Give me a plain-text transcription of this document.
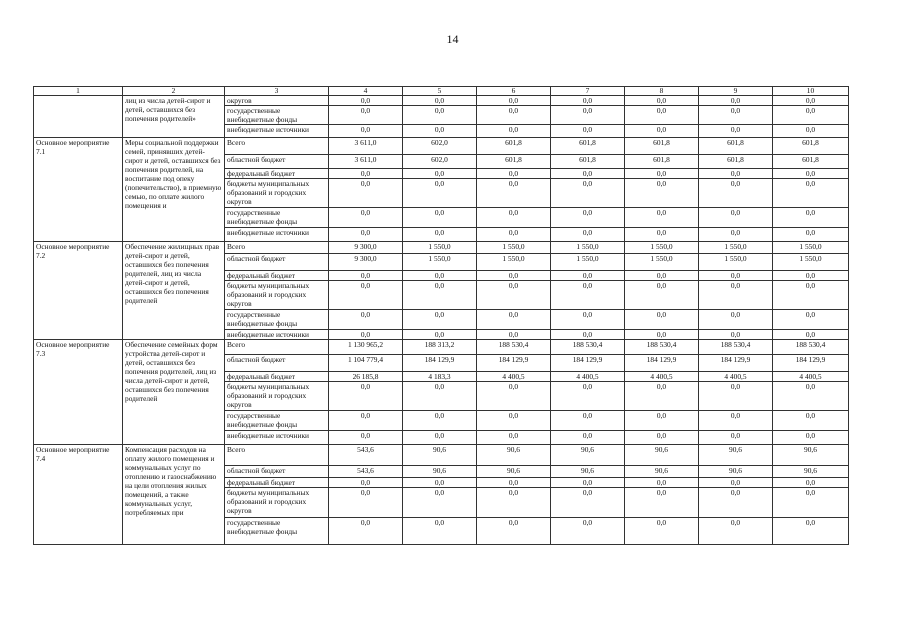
14
1	2	3	4	5	6	7	8	9	10
	лиц из числа детей-сирот и детей, оставшихся без попечения родителей»	округов	0,0	0,0	0,0	0,0	0,0	0,0	0,0
		государственные внебюджетные фонды	0,0	0,0	0,0	0,0	0,0	0,0	0,0
		внебюджетные источники	0,0	0,0	0,0	0,0	0,0	0,0	0,0
Основное мероприятие 7.1	Меры социальной поддержки семей, принявших детей-сирот и детей, оставшихся без попечения родителей, на воспитание под опеку (попечительство), в приемную семью, по оплате жилого помещения и	Всего	3 611,0	602,0	601,8	601,8	601,8	601,8	601,8
		областной бюджет	3 611,0	602,0	601,8	601,8	601,8	601,8	601,8
		федеральный бюджет	0,0	0,0	0,0	0,0	0,0	0,0	0,0
		бюджеты муниципальных образований и городских округов	0,0	0,0	0,0	0,0	0,0	0,0	0,0
		государственные внебюджетные фонды	0,0	0,0	0,0	0,0	0,0	0,0	0,0
		внебюджетные источники	0,0	0,0	0,0	0,0	0,0	0,0	0,0
Основное мероприятие 7.2	Обеспечение жилищных прав детей-сирот и детей, оставшихся без попечения родителей, лиц из числа детей-сирот и детей, оставшихся без попечения родителей	Всего	9 300,0	1 550,0	1 550,0	1 550,0	1 550,0	1 550,0	1 550,0
		областной бюджет	9 300,0	1 550,0	1 550,0	1 550,0	1 550,0	1 550,0	1 550,0
		федеральный бюджет	0,0	0,0	0,0	0,0	0,0	0,0	0,0
		бюджеты муниципальных образований и городских округов	0,0	0,0	0,0	0,0	0,0	0,0	0,0
		государственные внебюджетные фонды	0,0	0,0	0,0	0,0	0,0	0,0	0,0
		внебюджетные источники	0,0	0,0	0,0	0,0	0,0	0,0	0,0
Основное мероприятие 7.3	Обеспечение семейных форм устройства детей-сирот и детей, оставшихся без попечения родителей, лиц из числа детей-сирот и детей, оставшихся без попечения родителей	Всего	1 130 965,2	188 313,2	188 530,4	188 530,4	188 530,4	188 530,4	188 530,4
		областной бюджет	1 104 779,4	184 129,9	184 129,9	184 129,9	184 129,9	184 129,9	184 129,9
		федеральный бюджет	26 185,8	4 183,3	4 400,5	4 400,5	4 400,5	4 400,5	4 400,5
		бюджеты муниципальных образований и городских округов	0,0	0,0	0,0	0,0	0,0	0,0	0,0
		государственные внебюджетные фонды	0,0	0,0	0,0	0,0	0,0	0,0	0,0
		внебюджетные источники	0,0	0,0	0,0	0,0	0,0	0,0	0,0
Основное мероприятие 7.4	Компенсация расходов на оплату жилого помещения и коммунальных услуг по отоплению и газоснабжению на цели отопления жилых помещений, а также коммунальных услуг, потребляемых при	Всего	543,6	90,6	90,6	90,6	90,6	90,6	90,6
		областной бюджет	543,6	90,6	90,6	90,6	90,6	90,6	90,6
		федеральный бюджет	0,0	0,0	0,0	0,0	0,0	0,0	0,0
		бюджеты муниципальных образований и городских округов	0,0	0,0	0,0	0,0	0,0	0,0	0,0
		государственные внебюджетные фонды	0,0	0,0	0,0	0,0	0,0	0,0	0,0
